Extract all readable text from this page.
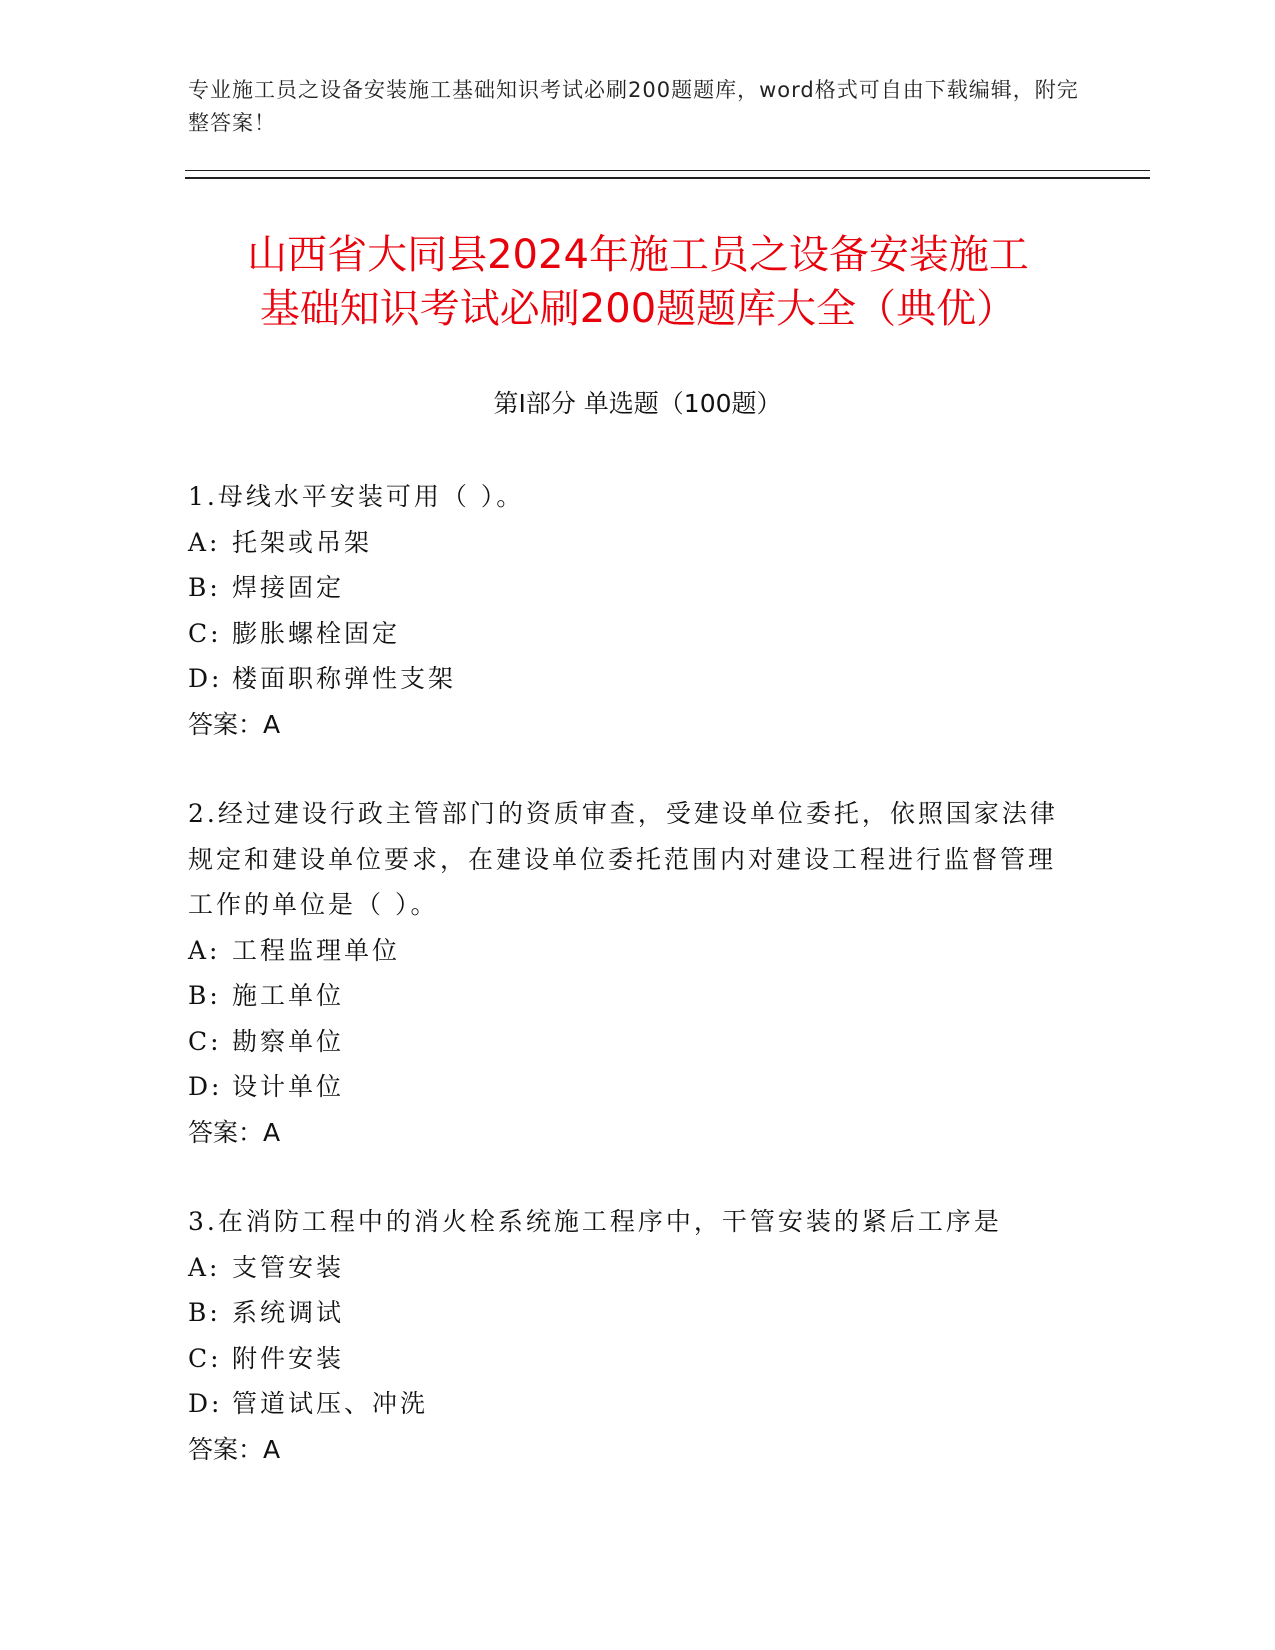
专业施工员之设备安装施工基础知识考试必刷200题题库，word格式可自由下载编辑，附完整答案！
山西省大同县2024年施工员之设备安装施工
基础知识考试必刷200题题库大全（典优）
第Ⅰ部分 单选题（100题）
1.母线水平安装可用（ ）。
A: 托架或吊架
B: 焊接固定
C: 膨胀螺栓固定
D: 楼面职称弹性支架
答案：A
2.经过建设行政主管部门的资质审查，受建设单位委托，依照国家法律规定和建设单位要求，在建设单位委托范围内对建设工程进行监督管理工作的单位是（ ）。
A: 工程监理单位
B: 施工单位
C: 勘察单位
D: 设计单位
答案：A
3.在消防工程中的消火栓系统施工程序中，干管安装的紧后工序是
A: 支管安装
B: 系统调试
C: 附件安装
D: 管道试压、冲洗
答案：A
